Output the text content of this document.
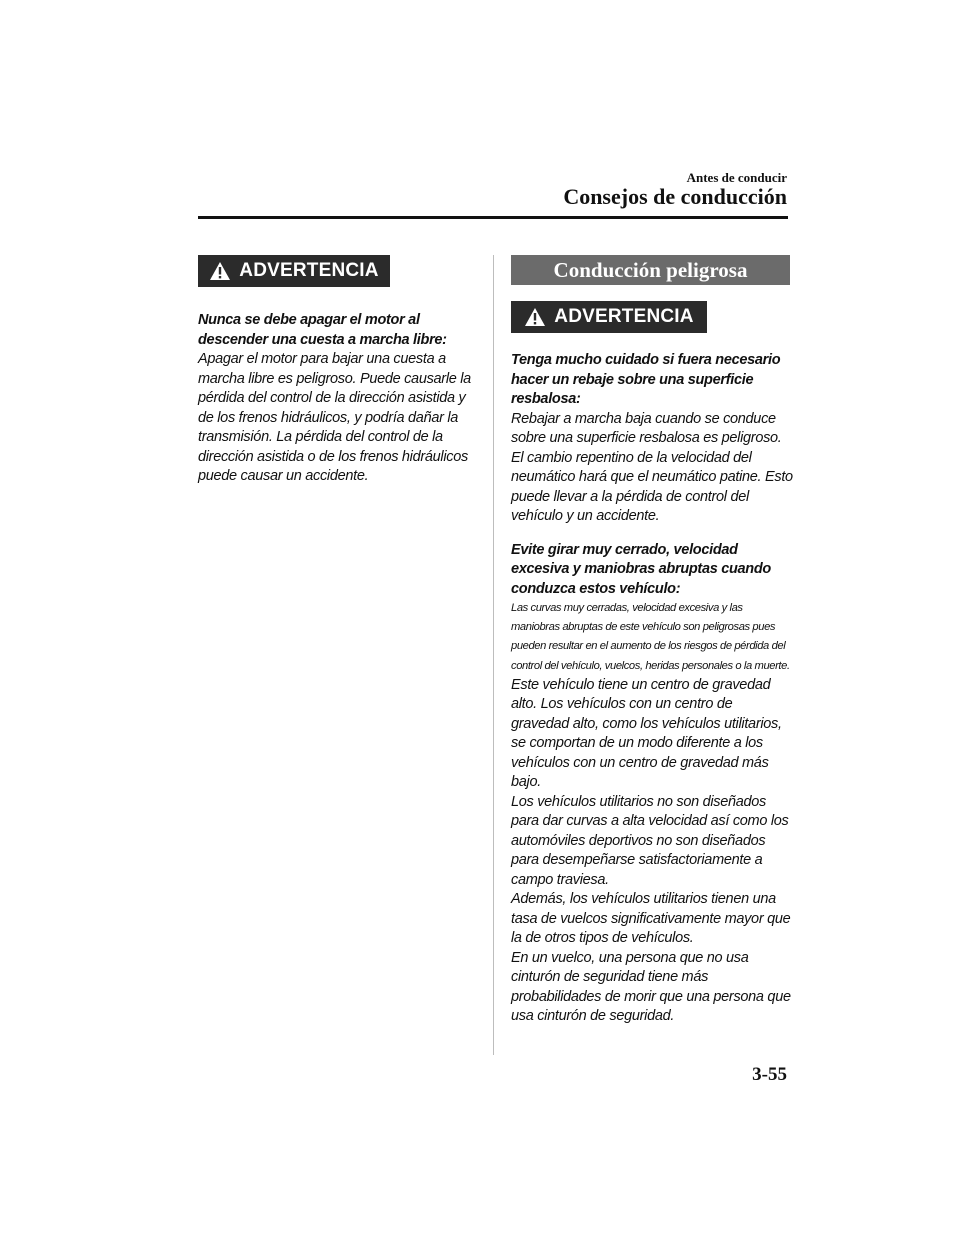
Antes de conducir
Consejos de conducción
ADVERTENCIA

Nunca se debe apagar el motor al descender una cuesta a marcha libre:

Apagar el motor para bajar una cuesta a marcha libre es peligroso. Puede causarle la pérdida del control de la dirección asistida y de los frenos hidráulicos, y podría dañar la transmisión. La pérdida del control de la dirección asistida o de los frenos hidráulicos puede causar un accidente.

Conducción peligrosa
ADVERTENCIA

Tenga mucho cuidado si fuera necesario hacer un rebaje sobre una superficie resbalosa:

Rebajar a marcha baja cuando se conduce sobre una superficie resbalosa es peligroso. El cambio repentino de la velocidad del neumático hará que el neumático patine. Esto puede llevar a la pérdida de control del vehículo y un accidente.

Evite girar muy cerrado, velocidad excesiva y maniobras abruptas cuando conduzca estos vehículo:

Las curvas muy cerradas, velocidad excesiva y las maniobras abruptas de este vehículo son peligrosas pues pueden resultar en el aumento de los riesgos de pérdida del control del vehículo, vuelcos, heridas personales o la muerte.

Este vehículo tiene un centro de gravedad alto. Los vehículos con un centro de gravedad alto, como los vehículos utilitarios, se comportan de un modo diferente a los vehículos con un centro de gravedad más bajo.

Los vehículos utilitarios no son diseñados para dar curvas a alta velocidad así como los automóviles deportivos no son diseñados para desempeñarse satisfactoriamente a campo traviesa.

Además, los vehículos utilitarios tienen una tasa de vuelcos significativamente mayor que la de otros tipos de vehículos.

En un vuelco, una persona que no usa cinturón de seguridad tiene más probabilidades de morir que una persona que usa cinturón de seguridad.

3-55
